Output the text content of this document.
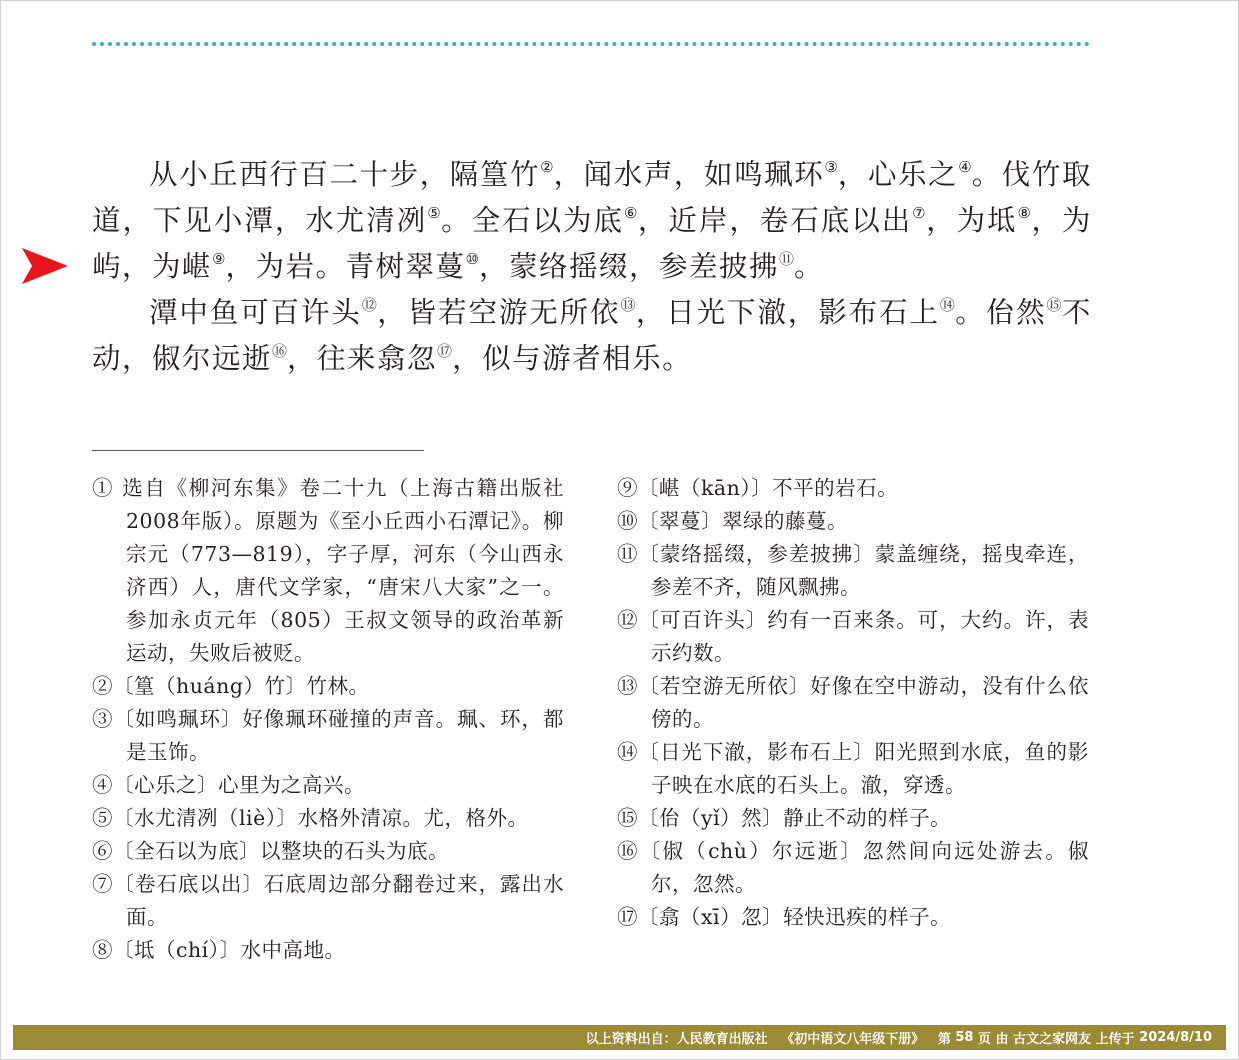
从小丘西行百二十步，隔篁竹②，闻水声，如鸣珮环③，心乐之④。伐竹取道，下见小潭，水尤清冽⑤。全石以为底⑥，近岸，卷石底以出⑦，为坻⑧，为屿，为嵁⑨，为岩。青树翠蔓⑩，蒙络摇缀，参差披拂⑪。

潭中鱼可百许头⑫，皆若空游无所依⑬，日光下澈，影布石上⑭。佁然⑮不动，俶尔远逝⑯，往来翕忽⑰，似与游者相乐。

① 选自《柳河东集》卷二十九（上海古籍出版社2008年版）。原题为《至小丘西小石潭记》。柳宗元（773—819），字子厚，河东（今山西永济西）人，唐代文学家，“唐宋八大家”之一。参加永贞元年（805）王叔文领导的政治革新运动，失败后被贬。

②〔篁（huáng）竹〕竹林。

③〔如鸣珮环〕好像珮环碰撞的声音。珮、环，都是玉饰。

④〔心乐之〕心里为之高兴。

⑤〔水尤清冽（liè）〕水格外清凉。尤，格外。

⑥〔全石以为底〕以整块的石头为底。

⑦〔卷石底以出〕石底周边部分翻卷过来，露出水面。

⑧〔坻（chí）〕水中高地。

⑨〔嵁（kān）〕不平的岩石。

⑩〔翠蔓〕翠绿的藤蔓。

⑪〔蒙络摇缀，参差披拂〕蒙盖缠绕，摇曳牵连，参差不齐，随风飘拂。

⑫〔可百许头〕约有一百来条。可，大约。许，表示约数。

⑬〔若空游无所依〕好像在空中游动，没有什么依傍的。

⑭〔日光下澈，影布石上〕阳光照到水底，鱼的影子映在水底的石头上。澈，穿透。

⑮〔佁（yǐ）然〕静止不动的样子。

⑯〔俶（chù）尔远逝〕忽然间向远处游去。俶尔，忽然。

⑰〔翕（xī）忽〕轻快迅疾的样子。

以上资料出自： 人民教育出版社
《初中语文八年级下册》
第
58
页 由
古文之家网友
上传于
2024/8/10
